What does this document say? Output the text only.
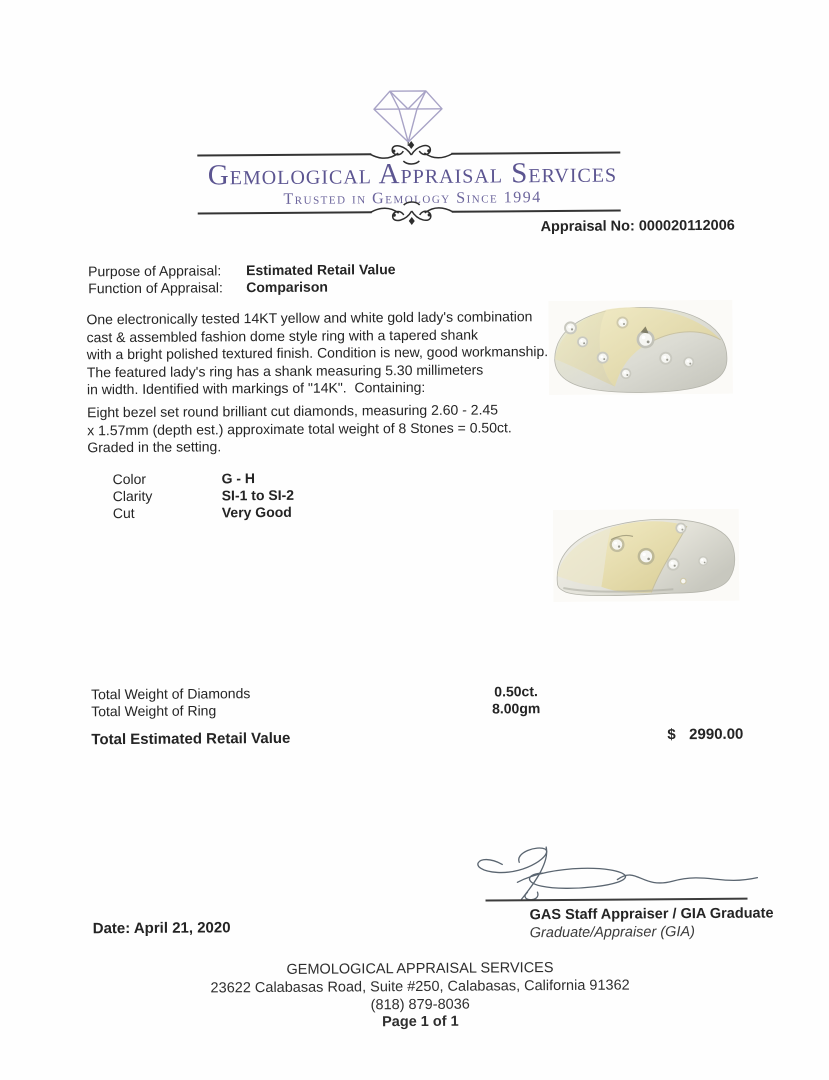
Gemological Appraisal Services
Trusted in Gemology Since 1994
Appraisal No: 000020112006
Purpose of Appraisal: Estimated Retail Value
Function of Appraisal: Comparison
One electronically tested 14KT yellow and white gold lady's combination
cast & assembled fashion dome style ring with a tapered shank
with a bright polished textured finish. Condition is new, good workmanship.
The featured lady's ring has a shank measuring 5.30 millimeters
in width. Identified with markings of "14K".  Containing:
Eight bezel set round brilliant cut diamonds, measuring 2.60 - 2.45
x 1.57mm (depth est.) approximate total weight of 8 Stones = 0.50ct.
Graded in the setting.
Color	G - H
Clarity	SI-1 to SI-2
Cut	Very Good
Total Weight of Diamonds	0.50ct.
Total Weight of Ring	8.00gm
Total Estimated Retail Value	$ 2990.00
GAS Staff Appraiser / GIA Graduate
Graduate/Appraiser (GIA)
Date: April 21, 2020
GEMOLOGICAL APPRAISAL SERVICES
23622 Calabasas Road, Suite #250, Calabasas, California 91362
(818) 879-8036
Page 1 of 1
